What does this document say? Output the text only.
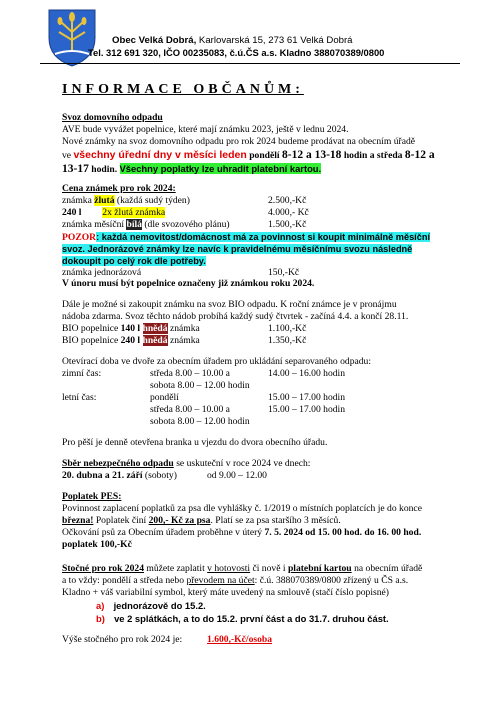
Obec Velká Dobrá, Karlovarská 15, 273 61 Velká Dobrá
Tel. 312 691 320, IČO 00235083, č.ú.ČS a.s. Kladno 388070389/0800
INFORMACE OBČANŮM:
Svoz domovního odpadu
AVE bude vyvážet popelnice, které mají známku 2023, ještě v lednu 2024.
Nové známky na svoz domovního odpadu pro rok 2024 budeme prodávat na obecním úřadě
ve všechny úřední dny v měsíci leden pondělí 8-12 a 13-18 hodin a středa 8-12 a
13-17 hodin. Všechny poplatky lze uhradit platební kartou.
Cena známek pro rok 2024:
známka žlutá (každá sudý týden)	2.500,-Kč
240 l 2x žlutá známka	4.000,- Kč
známka měsíční bílá (dle svozového plánu)	1.500,-Kč
POZOR: každá nemovitost/domácnost má za povinnost si koupit minimálně měsíční
svoz. Jednorázové známky lze navíc k pravidelnému měsíčnímu svozu následně
dokoupit po celý rok dle potřeby.
známka jednorázová	150,-Kč
V únoru musí být popelnice označeny již známkou roku 2024.
Dále je možné si zakoupit známku na svoz BIO odpadu. K roční známce je v pronájmu
nádoba zdarma. Svoz těchto nádob probíhá každý sudý čtvrtek - začíná 4.4. a končí 28.11.
BIO popelnice 140 l hnědá známka	1.100,-Kč
BIO popelnice 240 l hnědá známka	1.350,-Kč
Otevírací doba ve dvoře za obecním úřadem pro ukládání separovaného odpadu:
zimní čas:	středa 8.00 – 10.00 a	14.00 – 16.00 hodin
sobota 8.00 – 12.00 hodin
letní čas:	pondělí	15.00 – 17.00 hodin
středa 8.00 – 10.00 a	15.00 – 17.00 hodin
sobota 8.00 – 12.00 hodin
Pro pěší je denně otevřena branka u vjezdu do dvora obecního úřadu.
Sběr nebezpečného odpadu se uskuteční v roce 2024 ve dnech:
20. dubna a 21. září (soboty)	od 9.00 – 12.00
Poplatek PES:
Povinnost zaplacení poplatků za psa dle vyhlášky č. 1/2019 o místních poplatcích je do konce
března! Poplatek činí 200,- Kč za psa. Platí se za psa staršího 3 měsíců.
Očkování psů za Obecním úřadem proběhne v úterý 7. 5. 2024 od 15. 00 hod. do 16. 00 hod.
poplatek 100,-Kč
Stočné pro rok 2024 můžete zaplatit v hotovosti či nově i platební kartou na obecním úřadě
a to vždy: pondělí a středa nebo převodem na účet: č.ú. 388070389/0800 zřízený u ČS a.s.
Kladno + váš variabilní symbol, který máte uvedený na smlouvě (stačí číslo popisné)
a) jednorázově do 15.2.
b) ve 2 splátkách, a to do 15.2. první část a do 31.7. druhou část.
Výše stočného pro rok 2024 je:	1.600,-Kč/osoba
